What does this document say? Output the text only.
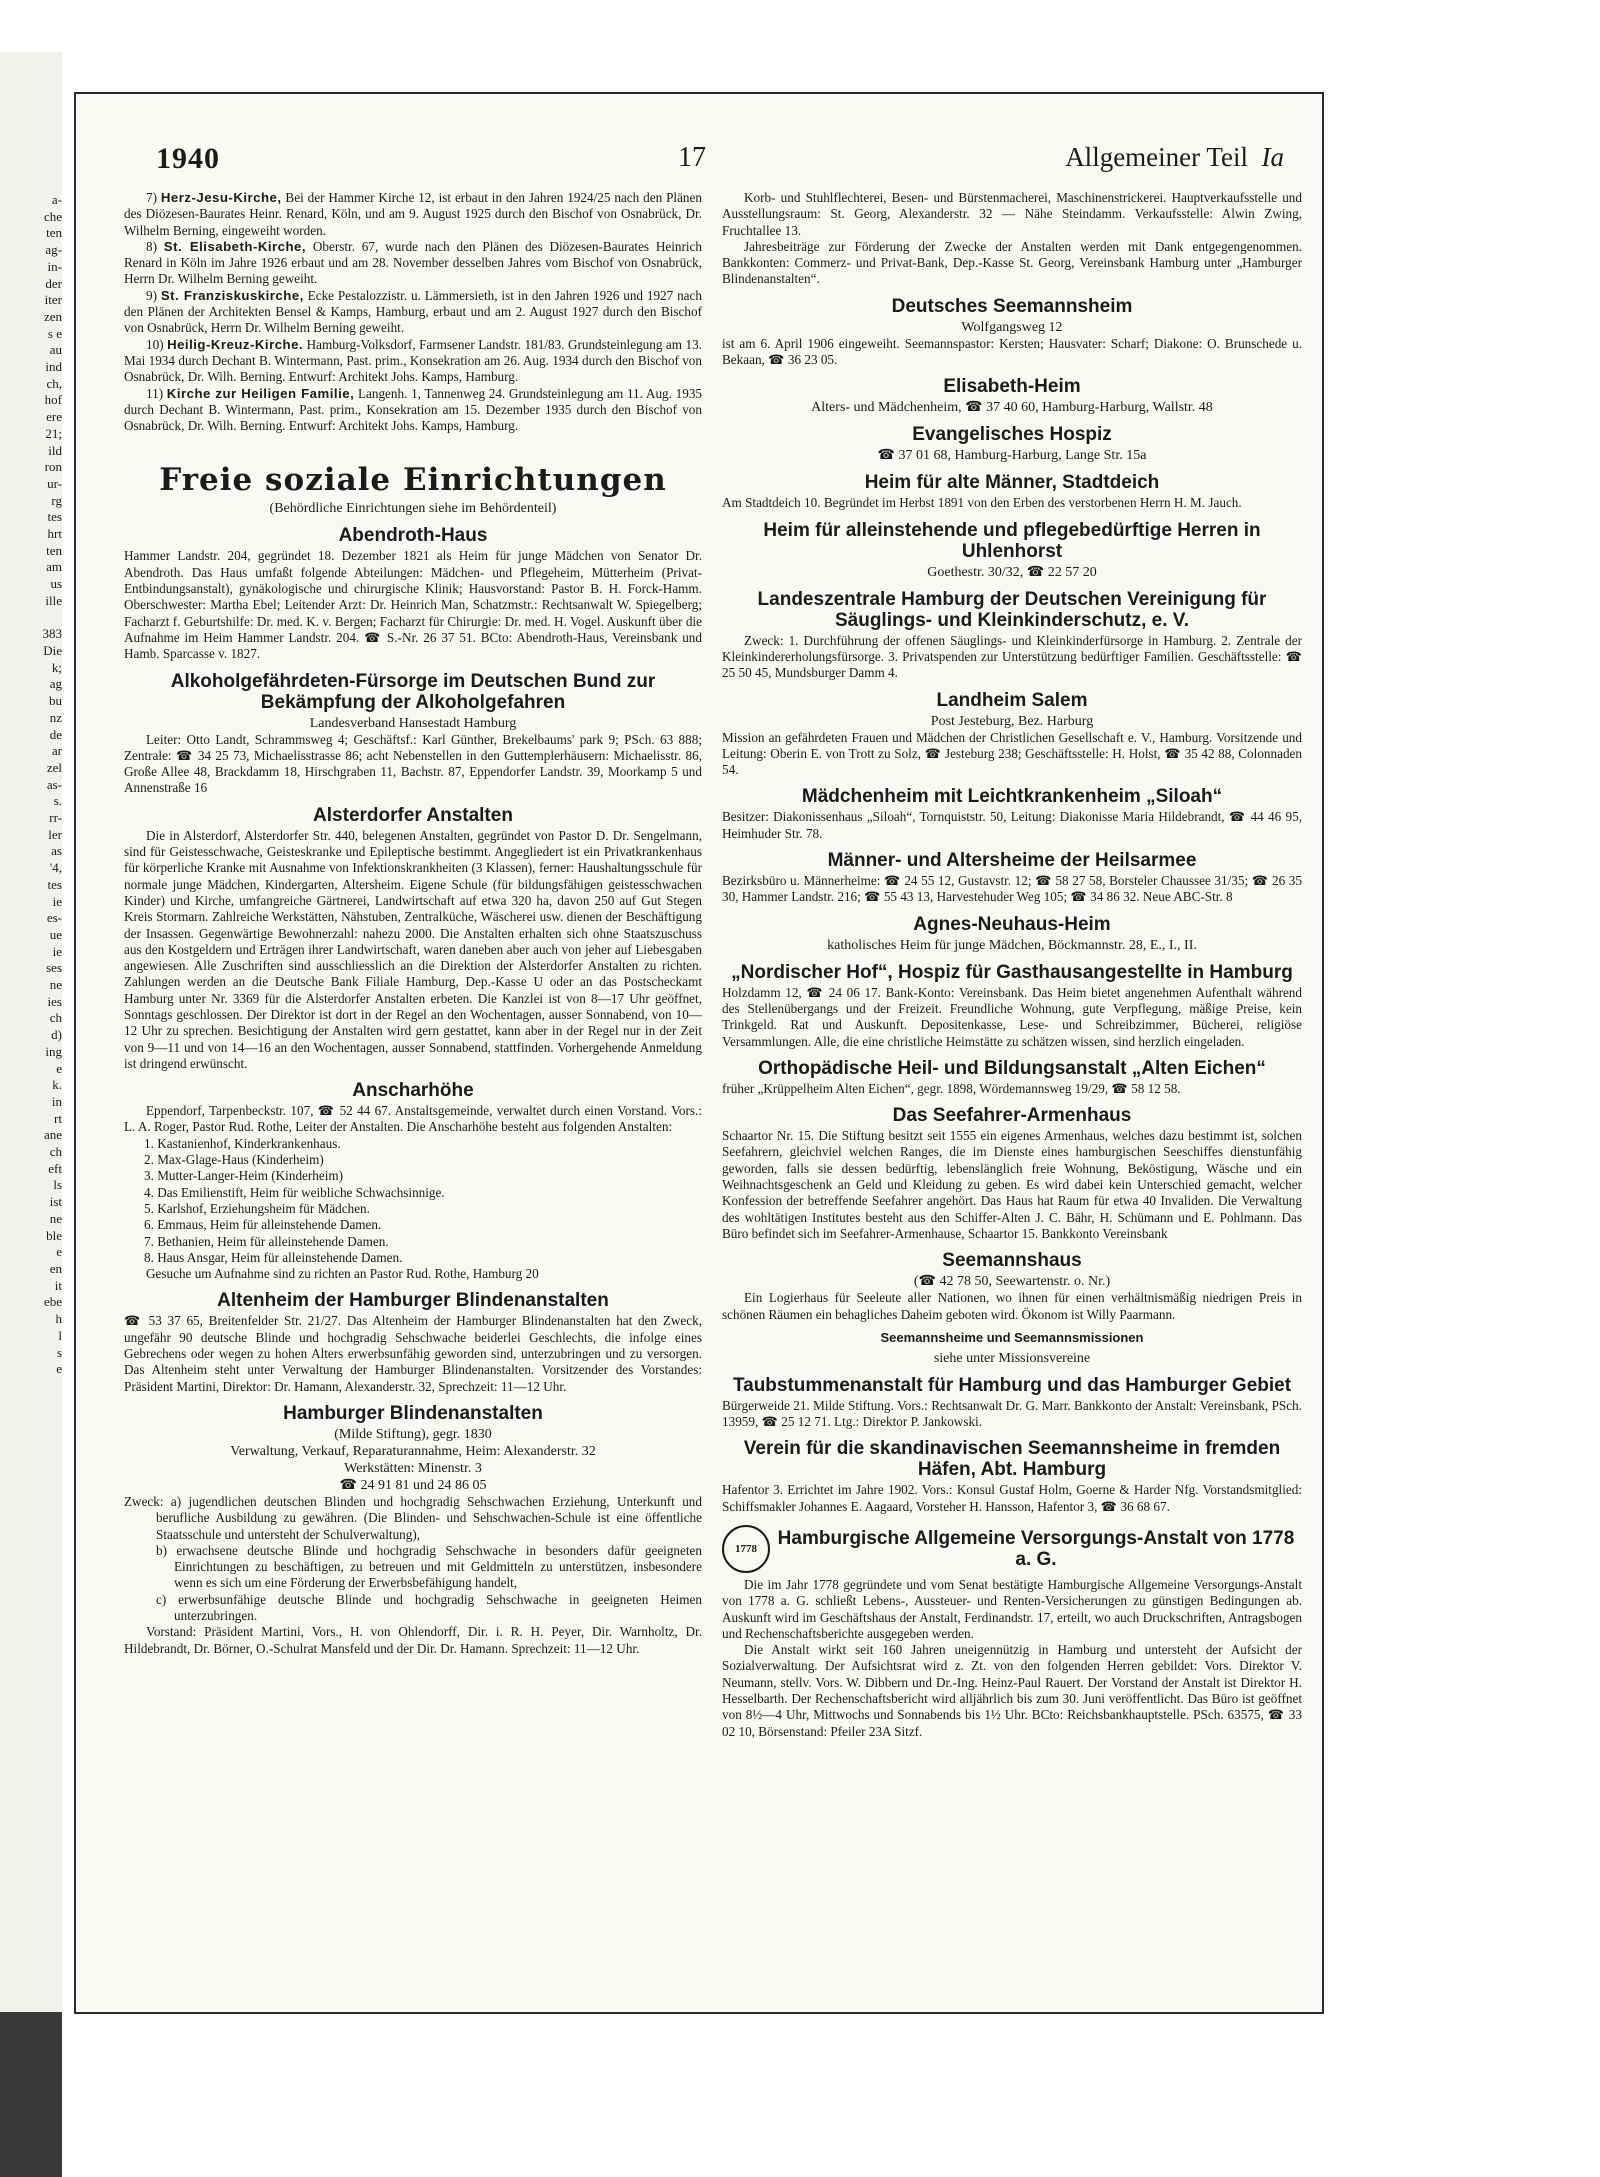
a-
che
ten
ag-
in-
der
iter
zen
s e
au
ind
ch,
hof
ere
21;
ild
ron
ur-
rg
tes
hrt
ten
am
us
ille

383
Die
k;
ag
bu
nz
de
ar
zel
as-
s.
rr-
ler
as
'4,
tes
ie
es-
ue
ie
ses
ne
ies
ch
d)
ing
e
k.
in
rt
ane
ch
eft
ls
ist
ne
ble
e
en
it
ebe
h
l
s
e
1940	17	Allgemeiner Teil Ia

7) Herz-Jesu-Kirche, Bei der Hammer Kirche 12, ist erbaut in den Jahren 1924/25 nach den Plänen des Diözesen-Baurates Heinr. Renard, Köln, und am 9. August 1925 durch den Bischof von Osnabrück, Dr. Wilhelm Berning, eingeweiht worden.

8) St. Elisabeth-Kirche, Oberstr. 67, wurde nach den Plänen des Diözesen-Baurates Heinrich Renard in Köln im Jahre 1926 erbaut und am 28. November desselben Jahres vom Bischof von Osnabrück, Herrn Dr. Wilhelm Berning geweiht.

9) St. Franziskuskirche, Ecke Pestalozzistr. u. Lämmersieth, ist in den Jahren 1926 und 1927 nach den Plänen der Architekten Bensel & Kamps, Hamburg, erbaut und am 2. August 1927 durch den Bischof von Osnabrück, Herrn Dr. Wilhelm Berning geweiht.

10) Heilig-Kreuz-Kirche. Hamburg-Volksdorf, Farmsener Landstr. 181/83. Grundsteinlegung am 13. Mai 1934 durch Dechant B. Wintermann, Past. prim., Konsekration am 26. Aug. 1934 durch den Bischof von Osnabrück, Dr. Wilh. Berning. Entwurf: Architekt Johs. Kamps, Hamburg.

11) Kirche zur Heiligen Familie, Langenh. 1, Tannenweg 24. Grundsteinlegung am 11. Aug. 1935 durch Dechant B. Wintermann, Past. prim., Konsekration am 15. Dezember 1935 durch den Bischof von Osnabrück, Dr. Wilh. Berning. Entwurf: Architekt Johs. Kamps, Hamburg.

Freie soziale Einrichtungen
(Behördliche Einrichtungen siehe im Behördenteil)
Abendroth-Haus

Hammer Landstr. 204, gegründet 18. Dezember 1821 als Heim für junge Mädchen von Senator Dr. Abendroth. Das Haus umfaßt folgende Abteilungen: Mädchen- und Pflegeheim, Mütterheim (Privat-Entbindungsanstalt), gynäkologische und chirurgische Klinik; Hausvorstand: Pastor B. H. Forck-Hamm. Oberschwester: Martha Ebel; Leitender Arzt: Dr. Heinrich Man, Schatzmstr.: Rechtsanwalt W. Spiegelberg; Facharzt f. Geburtshilfe: Dr. med. K. v. Bergen; Facharzt für Chirurgie: Dr. med. H. Vogel. Auskunft über die Aufnahme im Heim Hammer Landstr. 204. ☎ S.-Nr. 26 37 51. BCto: Abendroth-Haus, Vereinsbank und Hamb. Sparcasse v. 1827.

Alkoholgefährdeten-Fürsorge im Deutschen Bund zur Bekämpfung der Alkoholgefahren
Landesverband Hansestadt Hamburg

Leiter: Otto Landt, Schrammsweg 4; Geschäftsf.: Karl Günther, Brekelbaums' park 9; PSch. 63 888; Zentrale: ☎ 34 25 73, Michaelisstrasse 86; acht Nebenstellen in den Guttemplerhäusern: Michaelisstr. 86, Große Allee 48, Brackdamm 18, Hirschgraben 11, Bachstr. 87, Eppendorfer Landstr. 39, Moorkamp 5 und Annenstraße 16

Alsterdorfer Anstalten

Die in Alsterdorf, Alsterdorfer Str. 440, belegenen Anstalten, gegründet von Pastor D. Dr. Sengelmann, sind für Geistesschwache, Geisteskranke und Epileptische bestimmt. Angegliedert ist ein Privatkrankenhaus für körperliche Kranke mit Ausnahme von Infektionskrankheiten (3 Klassen), ferner: Haushaltungsschule für normale junge Mädchen, Kindergarten, Altersheim. Eigene Schule (für bildungsfähigen geistesschwachen Kinder) und Kirche, umfangreiche Gärtnerei, Landwirtschaft auf etwa 320 ha, davon 250 auf Gut Stegen Kreis Stormarn. Zahlreiche Werkstätten, Nähstuben, Zentralküche, Wäscherei usw. dienen der Beschäftigung der Insassen. Gegenwärtige Bewohnerzahl: nahezu 2000. Die Anstalten erhalten sich ohne Staatszuschuss aus den Kostgeldern und Erträgen ihrer Landwirtschaft, waren daneben aber auch von jeher auf Liebesgaben angewiesen. Alle Zuschriften sind ausschliesslich an die Direktion der Alsterdorfer Anstalten zu richten. Zahlungen werden an die Deutsche Bank Filiale Hamburg, Dep.-Kasse U oder an das Postscheckamt Hamburg unter Nr. 3369 für die Alsterdorfer Anstalten erbeten. Die Kanzlei ist von 8—17 Uhr geöffnet, Sonntags geschlossen. Der Direktor ist dort in der Regel an den Wochentagen, ausser Sonnabend, von 10—12 Uhr zu sprechen. Besichtigung der Anstalten wird gern gestattet, kann aber in der Regel nur in der Zeit von 9—11 und von 14—16 an den Wochentagen, ausser Sonnabend, stattfinden. Vorhergehende Anmeldung ist dringend erwünscht.

Anscharhöhe

Eppendorf, Tarpenbeckstr. 107, ☎ 52 44 67. Anstaltsgemeinde, verwaltet durch einen Vorstand. Vors.: L. A. Roger, Pastor Rud. Rothe, Leiter der Anstalten. Die Anscharhöhe besteht aus folgenden Anstalten:

1. Kastanienhof, Kinderkrankenhaus.

2. Max-Glage-Haus (Kinderheim)

3. Mutter-Langer-Heim (Kinderheim)

4. Das Emilienstift, Heim für weibliche Schwachsinnige.

5. Karlshof, Erziehungsheim für Mädchen.

6. Emmaus, Heim für alleinstehende Damen.

7. Bethanien, Heim für alleinstehende Damen.

8. Haus Ansgar, Heim für alleinstehende Damen.

Gesuche um Aufnahme sind zu richten an Pastor Rud. Rothe, Hamburg 20

Altenheim der Hamburger Blindenanstalten

☎ 53 37 65, Breitenfelder Str. 21/27. Das Altenheim der Hamburger Blindenanstalten hat den Zweck, ungefähr 90 deutsche Blinde und hochgradig Sehschwache beiderlei Geschlechts, die infolge eines Gebrechens oder wegen zu hohen Alters erwerbsunfähig geworden sind, unterzubringen und zu versorgen. Das Altenheim steht unter Verwaltung der Hamburger Blindenanstalten. Vorsitzender des Vorstandes: Präsident Martini, Direktor: Dr. Hamann, Alexanderstr. 32, Sprechzeit: 11—12 Uhr.

Hamburger Blindenanstalten
(Milde Stiftung), gegr. 1830
Verwaltung, Verkauf, Reparaturannahme, Heim: Alexanderstr. 32
Werkstätten: Minenstr. 3
☎ 24 91 81 und 24 86 05

Zweck: a) jugendlichen deutschen Blinden und hochgradig Sehschwachen Erziehung, Unterkunft und berufliche Ausbildung zu gewähren. (Die Blinden- und Sehschwachen-Schule ist eine öffentliche Staatsschule und untersteht der Schulverwaltung),

b) erwachsene deutsche Blinde und hochgradig Sehschwache in besonders dafür geeigneten Einrichtungen zu beschäftigen, zu betreuen und mit Geldmitteln zu unterstützen, insbesondere wenn es sich um eine Förderung der Erwerbsbefähigung handelt,

c) erwerbsunfähige deutsche Blinde und hochgradig Sehschwache in geeigneten Heimen unterzubringen.

Vorstand: Präsident Martini, Vors., H. von Ohlendorff, Dir. i. R. H. Peyer, Dir. Warnholtz, Dr. Hildebrandt, Dr. Börner, O.-Schulrat Mansfeld und der Dir. Dr. Hamann. Sprechzeit: 11—12 Uhr.

Korb- und Stuhlflechterei, Besen- und Bürstenmacherei, Maschinenstrickerei. Hauptverkaufsstelle und Ausstellungsraum: St. Georg, Alexanderstr. 32 — Nähe Steindamm. Verkaufsstelle: Alwin Zwing, Fruchtallee 13.

Jahresbeiträge zur Förderung der Zwecke der Anstalten werden mit Dank entgegengenommen. Bankkonten: Commerz- und Privat-Bank, Dep.-Kasse St. Georg, Vereinsbank Hamburg unter „Hamburger Blindenanstalten“.

Deutsches Seemannsheim
Wolfgangsweg 12

ist am 6. April 1906 eingeweiht. Seemannspastor: Kersten; Hausvater: Scharf; Diakone: O. Brunschede u. Bekaan, ☎ 36 23 05.

Elisabeth-Heim
Alters- und Mädchenheim, ☎ 37 40 60, Hamburg-Harburg, Wallstr. 48
Evangelisches Hospiz
☎ 37 01 68, Hamburg-Harburg, Lange Str. 15a
Heim für alte Männer, Stadtdeich

Am Stadtdeich 10. Begründet im Herbst 1891 von den Erben des verstorbenen Herrn H. M. Jauch.

Heim für alleinstehende und pflegebedürftige Herren in Uhlenhorst
Goethestr. 30/32, ☎ 22 57 20
Landeszentrale Hamburg der Deutschen Vereinigung für Säuglings- und Kleinkinderschutz, e. V.

Zweck: 1. Durchführung der offenen Säuglings- und Kleinkinderfürsorge in Hamburg. 2. Zentrale der Kleinkindererholungsfürsorge. 3. Privatspenden zur Unterstützung bedürftiger Familien. Geschäftsstelle: ☎ 25 50 45, Mundsburger Damm 4.

Landheim Salem
Post Jesteburg, Bez. Harburg

Mission an gefährdeten Frauen und Mädchen der Christlichen Gesellschaft e. V., Hamburg. Vorsitzende und Leitung: Oberin E. von Trott zu Solz, ☎ Jesteburg 238; Geschäftsstelle: H. Holst, ☎ 35 42 88, Colonnaden 54.

Mädchenheim mit Leichtkrankenheim „Siloah“

Besitzer: Diakonissenhaus „Siloah“, Tornquiststr. 50, Leitung: Diakonisse Maria Hildebrandt, ☎ 44 46 95, Heimhuder Str. 78.

Männer- und Altersheime der Heilsarmee

Bezirksbüro u. Männerheime: ☎ 24 55 12, Gustavstr. 12; ☎ 58 27 58, Borsteler Chaussee 31/35; ☎ 26 35 30, Hammer Landstr. 216; ☎ 55 43 13, Harvestehuder Weg 105; ☎ 34 86 32. Neue ABC-Str. 8

Agnes-Neuhaus-Heim
katholisches Heim für junge Mädchen, Böckmannstr. 28, E., I., II.
„Nordischer Hof“, Hospiz für Gasthausangestellte in Hamburg

Holzdamm 12, ☎ 24 06 17. Bank-Konto: Vereinsbank. Das Heim bietet angenehmen Aufenthalt während des Stellenübergangs und der Freizeit. Freundliche Wohnung, gute Verpflegung, mäßige Preise, kein Trinkgeld. Rat und Auskunft. Depositenkasse, Lese- und Schreibzimmer, Bücherei, religiöse Versammlungen. Alle, die eine christliche Heimstätte zu schätzen wissen, sind herzlich eingeladen.

Orthopädische Heil- und Bildungsanstalt „Alten Eichen“

früher „Krüppelheim Alten Eichen“, gegr. 1898, Wördemannsweg 19/29, ☎ 58 12 58.

Das Seefahrer-Armenhaus

Schaartor Nr. 15. Die Stiftung besitzt seit 1555 ein eigenes Armenhaus, welches dazu bestimmt ist, solchen Seefahrern, gleichviel welchen Ranges, die im Dienste eines hamburgischen Seeschiffes dienstunfähig geworden, falls sie dessen bedürftig, lebenslänglich freie Wohnung, Beköstigung, Wäsche und ein Weihnachtsgeschenk an Geld und Kleidung zu geben. Es wird dabei kein Unterschied gemacht, welcher Konfession der betreffende Seefahrer angehört. Das Haus hat Raum für etwa 40 Invaliden. Die Verwaltung des wohltätigen Institutes besteht aus den Schiffer-Alten J. C. Bähr, H. Schümann und E. Pohlmann. Das Büro befindet sich im Seefahrer-Armenhause, Schaartor 15. Bankkonto Vereinsbank

Seemannshaus
(☎ 42 78 50, Seewartenstr. o. Nr.)

Ein Logierhaus für Seeleute aller Nationen, wo ihnen für einen verhältnismäßig niedrigen Preis in schönen Räumen ein behagliches Daheim geboten wird. Ökonom ist Willy Paarmann.

Seemannsheime und Seemannsmissionen
siehe unter Missionsvereine
Taubstummenanstalt für Hamburg und das Hamburger Gebiet

Bürgerweide 21. Milde Stiftung. Vors.: Rechtsanwalt Dr. G. Marr. Bankkonto der Anstalt: Vereinsbank, PSch. 13959, ☎ 25 12 71. Ltg.: Direktor P. Jankowski.

Verein für die skandinavischen Seemannsheime in fremden Häfen, Abt. Hamburg

Hafentor 3. Errichtet im Jahre 1902. Vors.: Konsul Gustaf Holm, Goerne & Harder Nfg. Vorstandsmitglied: Schiffsmakler Johannes E. Aagaard, Vorsteher H. Hansson, Hafentor 3, ☎ 36 68 67.

1778	Hamburgische Allgemeine Versorgungs-Anstalt von 1778 a. G.

Die im Jahr 1778 gegründete und vom Senat bestätigte Hamburgische Allgemeine Versorgungs-Anstalt von 1778 a. G. schließt Lebens-, Aussteuer- und Renten-Versicherungen zu günstigen Bedingungen ab. Auskunft wird im Geschäftshaus der Anstalt, Ferdinandstr. 17, erteilt, wo auch Druckschriften, Antragsbogen und Rechenschaftsberichte ausgegeben werden.

Die Anstalt wirkt seit 160 Jahren uneigennützig in Hamburg und untersteht der Aufsicht der Sozialverwaltung. Der Aufsichtsrat wird z. Zt. von den folgenden Herren gebildet: Vors. Direktor V. Neumann, stellv. Vors. W. Dibbern und Dr.-Ing. Heinz-Paul Rauert. Der Vorstand der Anstalt ist Direktor H. Hesselbarth. Der Rechenschaftsbericht wird alljährlich bis zum 30. Juni veröffentlicht. Das Büro ist geöffnet von 8½—4 Uhr, Mittwochs und Sonnabends bis 1½ Uhr. BCto: Reichsbankhauptstelle. PSch. 63575, ☎ 33 02 10, Börsenstand: Pfeiler 23A Sitzf.
